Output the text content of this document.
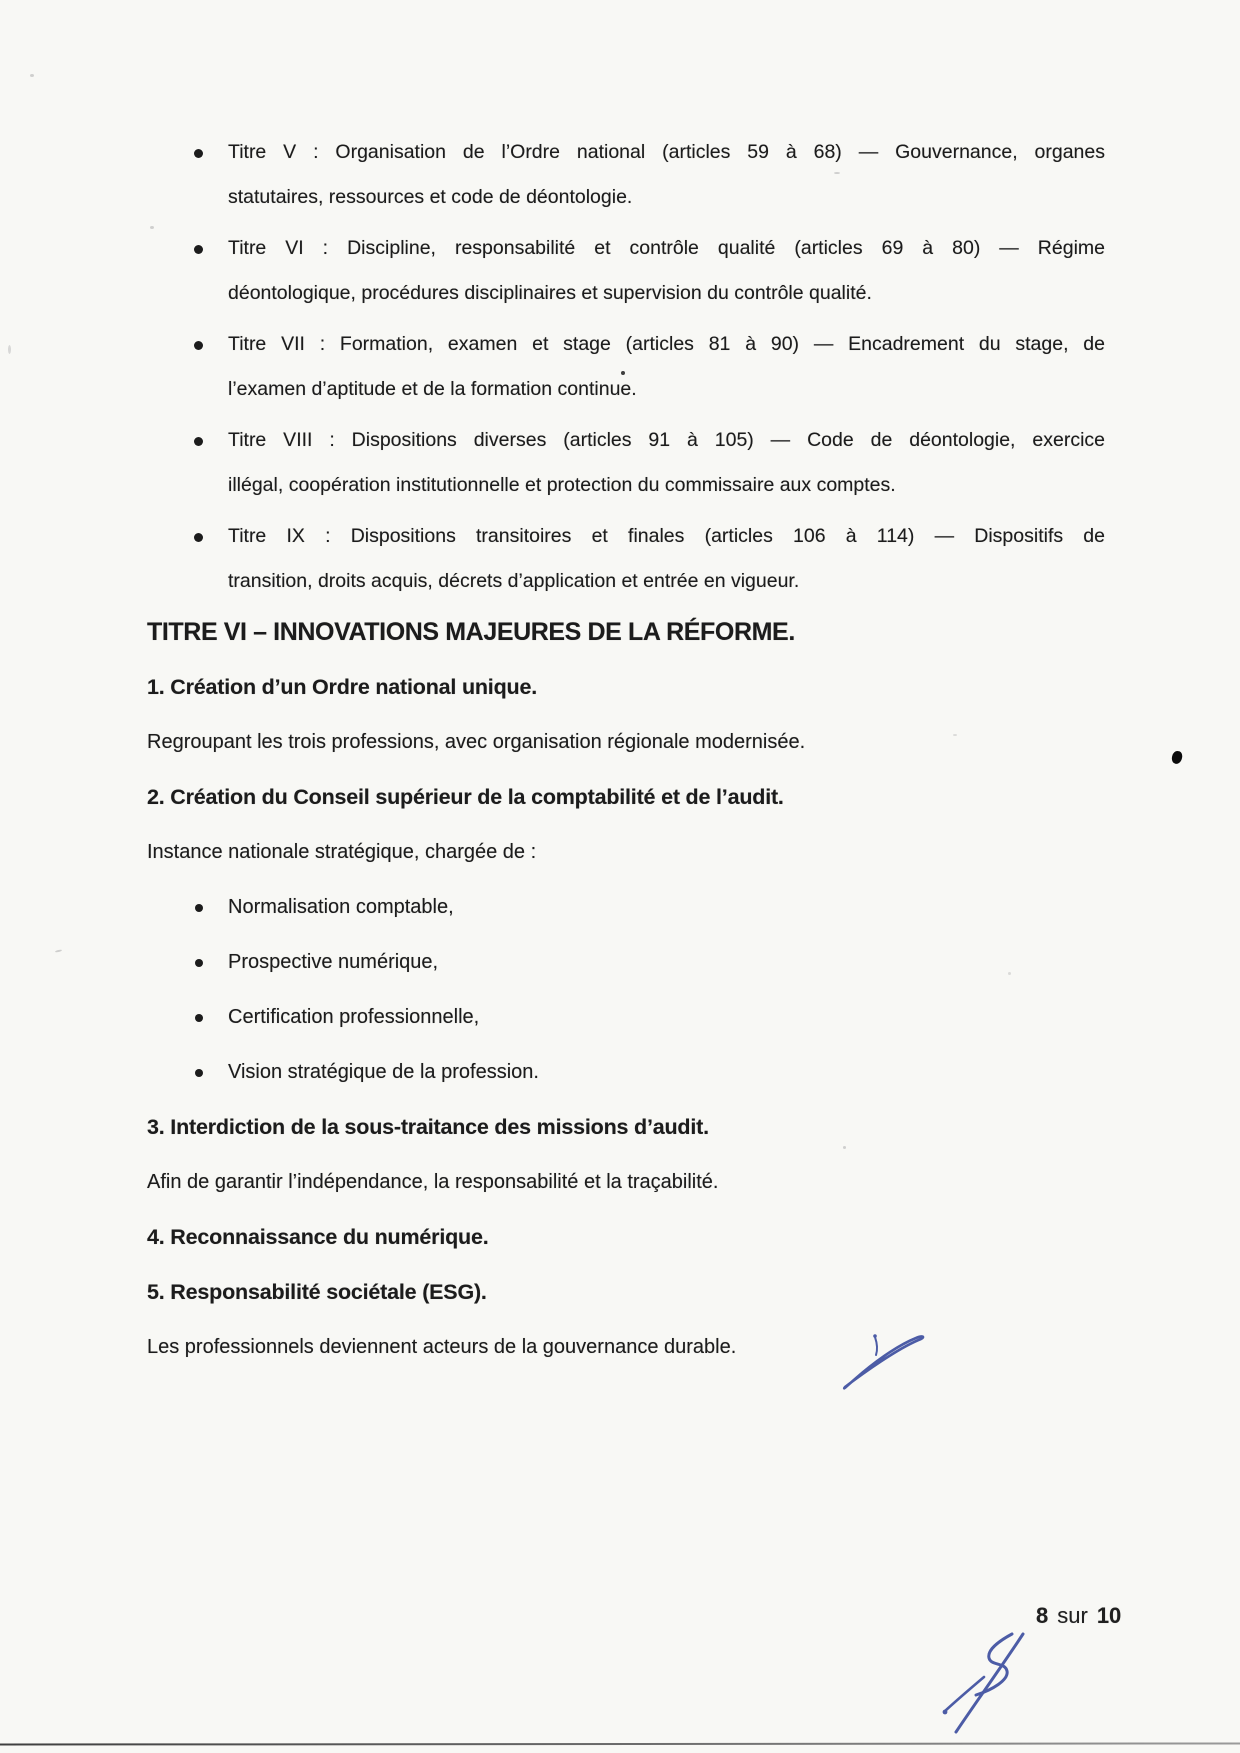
Titre V : Organisation de l’Ordre national (articles 59 à 68) — Gouvernance, organes
statutaires, ressources et code de déontologie.
Titre VI : Discipline, responsabilité et contrôle qualité (articles 69 à 80) — Régime
déontologique, procédures disciplinaires et supervision du contrôle qualité.
Titre VII : Formation, examen et stage (articles 81 à 90) — Encadrement du stage, de
l’examen d’aptitude et de la formation continue.
Titre VIII : Dispositions diverses (articles 91 à 105) — Code de déontologie, exercice
illégal, coopération institutionnelle et protection du commissaire aux comptes.
Titre IX : Dispositions transitoires et finales (articles 106 à 114) — Dispositifs de
transition, droits acquis, décrets d’application et entrée en vigueur.
TITRE VI – INNOVATIONS MAJEURES DE LA RÉFORME.
1. Création d’un Ordre national unique.
Regroupant les trois professions, avec organisation régionale modernisée.
2. Création du Conseil supérieur de la comptabilité et de l’audit.
Instance nationale stratégique, chargée de :
Normalisation comptable,
Prospective numérique,
Certification professionnelle,
Vision stratégique de la profession.
3. Interdiction de la sous-traitance des missions d’audit.
Afin de garantir l’indépendance, la responsabilité et la traçabilité.
4. Reconnaissance du numérique.
5. Responsabilité sociétale (ESG).
Les professionnels deviennent acteurs de la gouvernance durable.
8 sur 10
